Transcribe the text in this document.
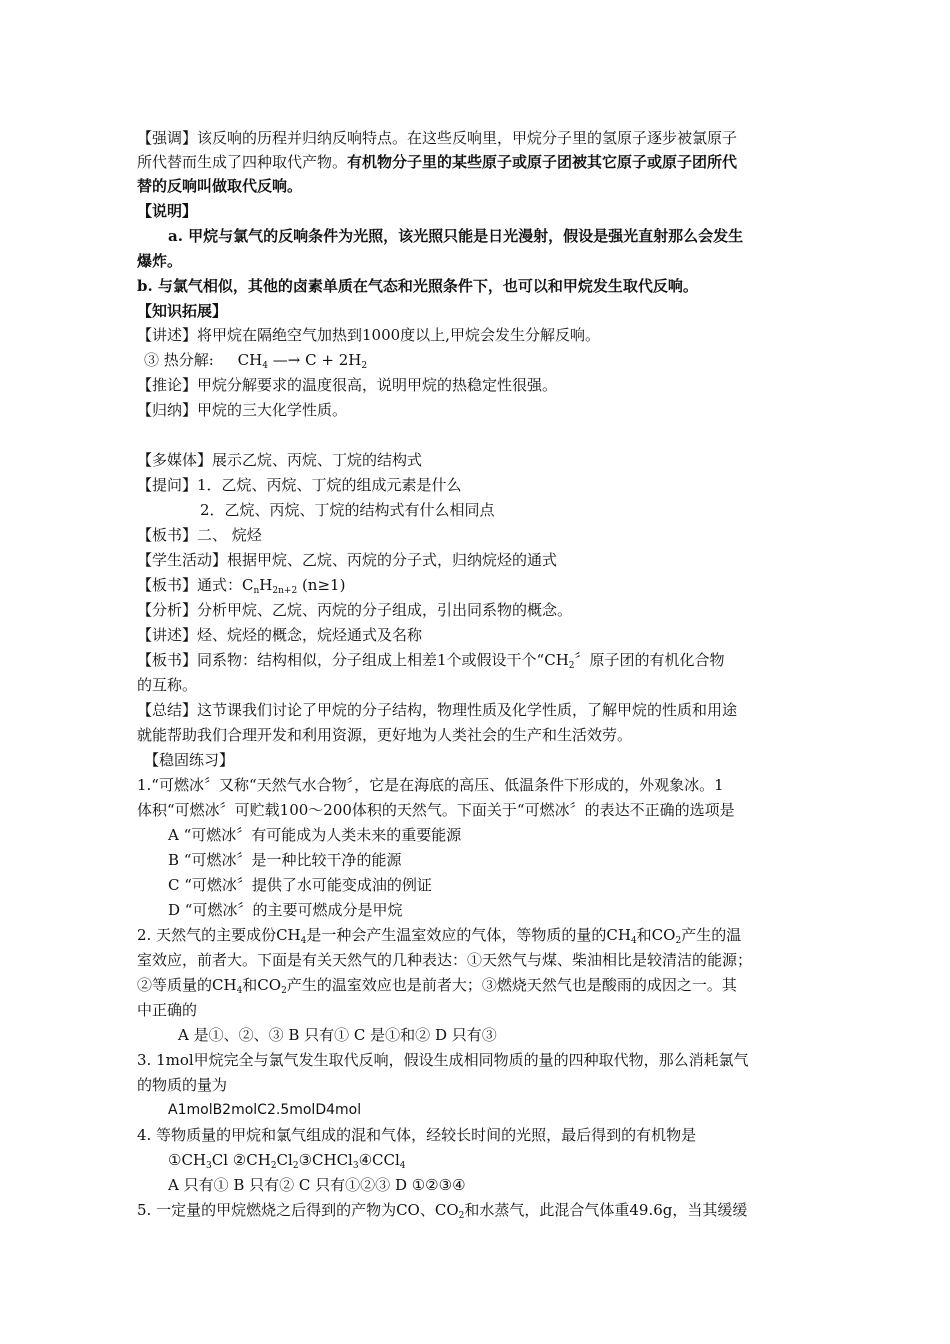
【强调】该反响的历程并归纳反响特点。在这些反响里，甲烷分子里的氢原子逐步被氯原子
所代替而生成了四种取代产物。有机物分子里的某些原子或原子团被其它原子或原子团所代
替的反响叫做取代反响。
【说明】
a. 甲烷与氯气的反响条件为光照，该光照只能是日光漫射，假设是强光直射那么会发生
爆炸。
b. 与氯气相似，其他的卤素单质在气态和光照条件下，也可以和甲烷发生取代反响。
【知识拓展】
【讲述】将甲烷在隔绝空气加热到1000度以上,甲烷会发生分解反响。
③ 热分解: $CH_4$ —→ $C + 2H_2$
【推论】甲烷分解要求的温度很高，说明甲烷的热稳定性很强。
【归纳】甲烷的三大化学性质。
【多媒体】展示乙烷、丙烷、丁烷的结构式
【提问】1．乙烷、丙烷、丁烷的组成元素是什么
2．乙烷、丙烷、丁烷的结构式有什么相同点
【板书】二、 烷烃
【学生活动】根据甲烷、乙烷、丙烷的分子式，归纳烷烃的通式
【板书】通式：$C_nH_{2n+2}$ (n≥1)
【分析】分析甲烷、乙烷、丙烷的分子组成，引出同系物的概念。
【讲述】烃、烷烃的概念，烷烃通式及名称
【板书】同系物：结构相似，分子组成上相差1个或假设干个“$CH_2$〞原子团的有机化合物
的互称。
【总结】这节课我们讨论了甲烷的分子结构，物理性质及化学性质，了解甲烷的性质和用途
就能帮助我们合理开发和利用资源，更好地为人类社会的生产和生活效劳。
【稳固练习】
1.“可燃冰〞又称“天然气水合物〞，它是在海底的高压、低温条件下形成的，外观象冰。1
体积“可燃冰〞可贮载100～200体积的天然气。下面关于“可燃冰〞的表达不正确的选项是
A “可燃冰〞有可能成为人类未来的重要能源
B “可燃冰〞是一种比较干净的能源
C “可燃冰〞提供了水可能变成油的例证
D “可燃冰〞的主要可燃成分是甲烷
2. 天然气的主要成份$CH_4$是一种会产生温室效应的气体，等物质的量的$CH_4$和$CO_2$产生的温
室效应，前者大。下面是有关天然气的几种表达：①天然气与煤、柴油相比是较清洁的能源；
②等质量的$CH_4$和$CO_2$产生的温室效应也是前者大；③燃烧天然气也是酸雨的成因之一。其
中正确的
A 是①、②、③ B 只有① C 是①和② D 只有③
3. 1mol甲烷完全与氯气发生取代反响，假设生成相同物质的量的四种取代物，那么消耗氯气
的物质的量为
A1molB2molC2.5molD4mol
4. 等物质量的甲烷和氯气组成的混和气体，经较长时间的光照，最后得到的有机物是
$①CH_3Cl$ $②CH_2Cl_2③CHCl_3④CCl_4$
A 只有① B 只有② C 只有①②③ D ①②③④
5. 一定量的甲烷燃烧之后得到的产物为CO、$CO_2$和水蒸气，此混合气体重49.6g，当其缓缓
